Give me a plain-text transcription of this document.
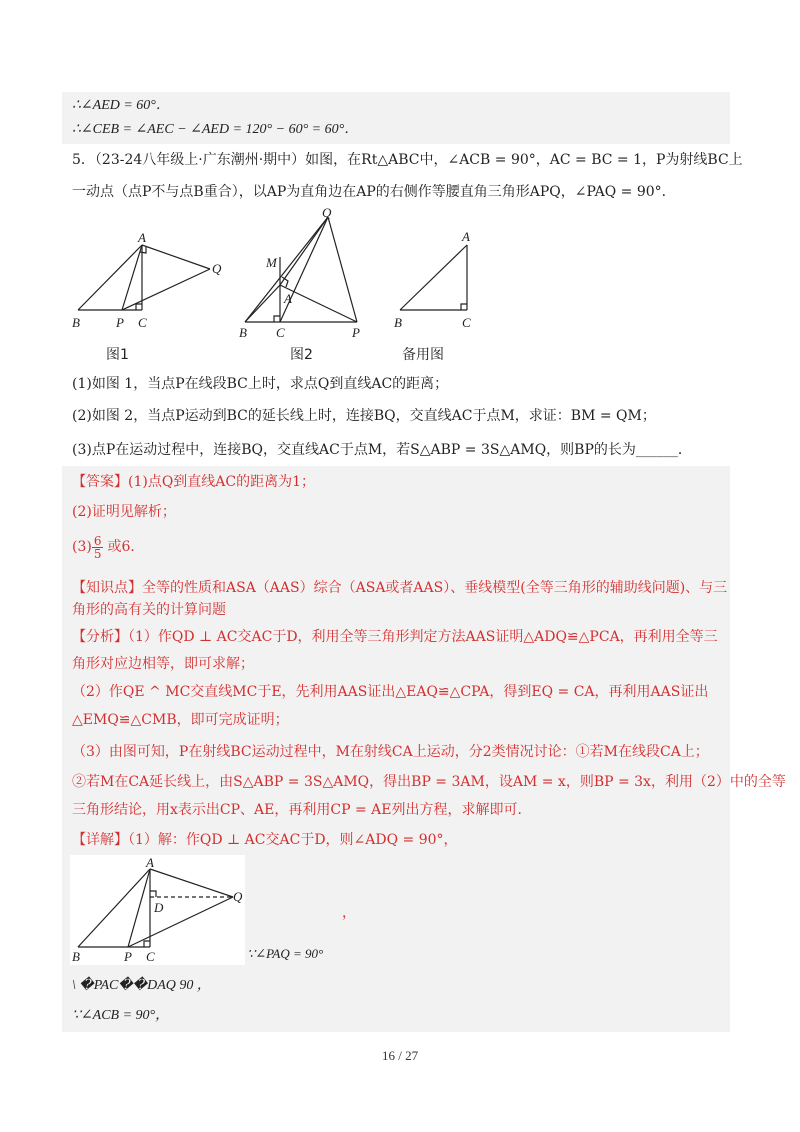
∴∠AED = 60°．
∴∠CEB = ∠AEC − ∠AED = 120° − 60° = 60°．
5．（23-24八年级上·广东潮州·期中）如图，在Rt△ABC中，∠ACB = 90°，AC = BC = 1，P为射线BC上
一动点（点P不与点B重合），以AP为直角边在AP的右侧作等腰直角三角形APQ，∠PAQ = 90°．
A
Q
B	P C
Q
M
A
B C	P
A
B	C
图1	图2	备用图
(1)如图 1，当点P在线段BC上时，求点Q到直线AC的距离；
(2)如图 2，当点P运动到BC的延长线上时，连接BQ，交直线AC于点M，求证：BM = QM；
(3)点P在运动过程中，连接BQ，交直线AC于点M，若S△ABP = 3S△AMQ，则BP的长为______．
【答案】(1)点Q到直线AC的距离为1；
(2)证明见解析；
$(3) \frac{6}{5}$ 或6．
【知识点】全等的性质和ASA（AAS）综合（ASA或者AAS）、垂线模型(全等三角形的辅助线问题)、与三
角形的高有关的计算问题
【分析】（1）作QD ⊥ AC交AC于D，利用全等三角形判定方法AAS证明△ADQ≌△PCA，再利用全等三
角形对应边相等，即可求解；
（2）作QE ^ MC交直线MC于E，先利用AAS证出△EAQ≌△CPA，得到EQ = CA，再利用AAS证出
△EMQ≌△CMB，即可完成证明；
（3）由图可知，P在射线BC运动过程中，M在射线CA上运动，分2类情况讨论：①若M在线段CA上；
②若M在CA延长线上，由S△ABP = 3S△AMQ，得出BP = 3AM，设AM = x，则BP = 3x，利用（2）中的全等
三角形结论，用x表示出CP、AE，再利用CP = AE列出方程，求解即可．
【详解】（1）解：作QD ⊥ AC交AC于D，则∠ADQ = 90°，
A
D
Q
B	P C
，
∵∠PAQ = 90°
\ �PAC��DAQ 90 ，
∵∠ACB = 90°，
16 / 27
